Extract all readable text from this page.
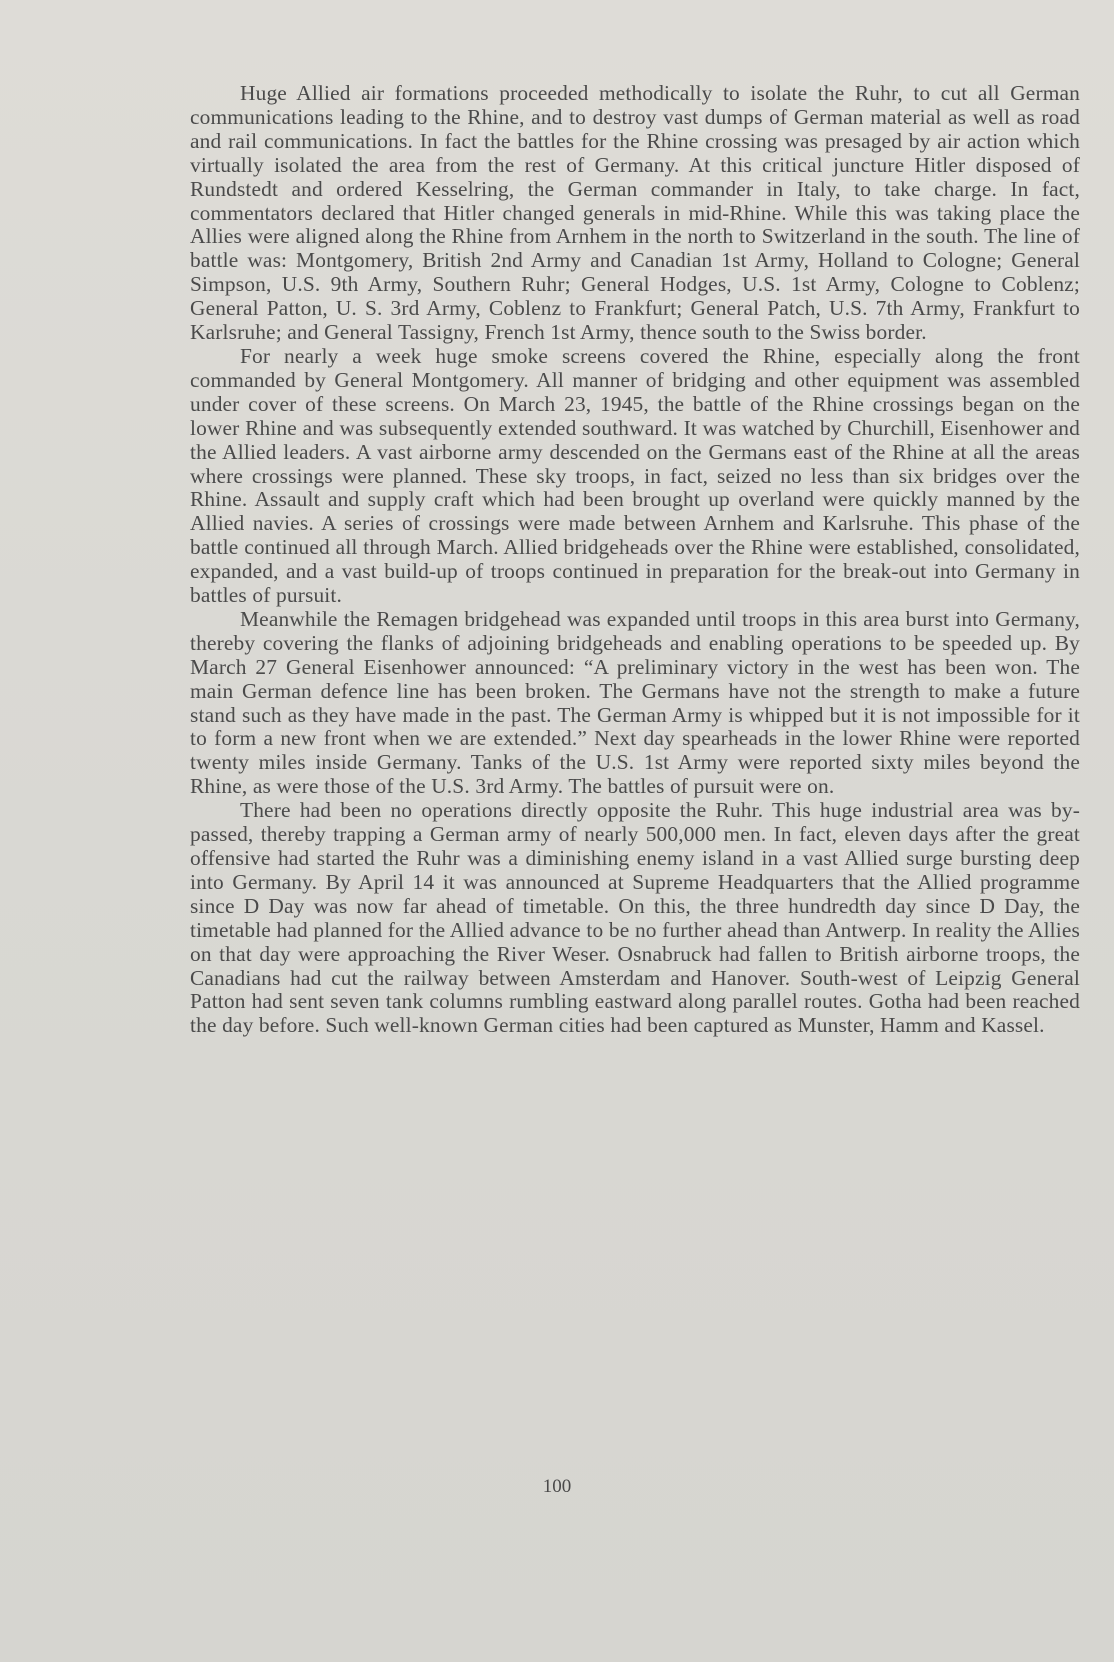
Huge Allied air formations proceeded methodically to isolate the Ruhr, to cut all German communications leading to the Rhine, and to destroy vast dumps of German material as well as road and rail communications. In fact the battles for the Rhine crossing was presaged by air action which virtually isolated the area from the rest of Germany. At this critical juncture Hitler disposed of Rundstedt and ordered Kesselring, the German commander in Italy, to take charge. In fact, commentators declared that Hitler changed generals in mid-Rhine. While this was taking place the Allies were aligned along the Rhine from Arnhem in the north to Switzerland in the south. The line of battle was: Montgomery, British 2nd Army and Canadian 1st Army, Holland to Cologne; General Simpson, U.S. 9th Army, Southern Ruhr; General Hodges, U.S. 1st Army, Cologne to Coblenz; General Patton, U. S. 3rd Army, Coblenz to Frankfurt; General Patch, U.S. 7th Army, Frankfurt to Karlsruhe; and General Tassigny, French 1st Army, thence south to the Swiss border.

For nearly a week huge smoke screens covered the Rhine, especially along the front commanded by General Montgomery. All manner of bridging and other equipment was assembled under cover of these screens. On March 23, 1945, the battle of the Rhine crossings began on the lower Rhine and was subsequently extended southward. It was watched by Churchill, Eisenhower and the Allied leaders. A vast airborne army descended on the Germans east of the Rhine at all the areas where crossings were planned. These sky troops, in fact, seized no less than six bridges over the Rhine. Assault and supply craft which had been brought up overland were quickly manned by the Allied navies. A series of crossings were made between Arnhem and Karlsruhe. This phase of the battle continued all through March. Allied bridgeheads over the Rhine were established, consolidated, expanded, and a vast build-up of troops continued in preparation for the break-out into Germany in battles of pursuit.

Meanwhile the Remagen bridgehead was expanded until troops in this area burst into Germany, thereby covering the flanks of adjoining bridgeheads and enabling operations to be speeded up. By March 27 General Eisenhower announced: “A preliminary victory in the west has been won. The main German defence line has been broken. The Germans have not the strength to make a future stand such as they have made in the past. The German Army is whipped but it is not impossible for it to form a new front when we are extended.” Next day spearheads in the lower Rhine were reported twenty miles inside Germany. Tanks of the U.S. 1st Army were reported sixty miles beyond the Rhine, as were those of the U.S. 3rd Army. The battles of pursuit were on.

There had been no operations directly opposite the Ruhr. This huge industrial area was by-passed, thereby trapping a German army of nearly 500,000 men. In fact, eleven days after the great offensive had started the Ruhr was a diminishing enemy island in a vast Allied surge bursting deep into Germany. By April 14 it was announced at Supreme Headquarters that the Allied programme since D Day was now far ahead of timetable. On this, the three hundredth day since D Day, the timetable had planned for the Allied advance to be no further ahead than Antwerp. In reality the Allies on that day were approaching the River Weser. Osnabruck had fallen to British airborne troops, the Canadians had cut the railway between Amsterdam and Hanover. South-west of Leipzig General Patton had sent seven tank columns rumbling eastward along parallel routes. Gotha had been reached the day before. Such well-known German cities had been captured as Munster, Hamm and Kassel.

100
